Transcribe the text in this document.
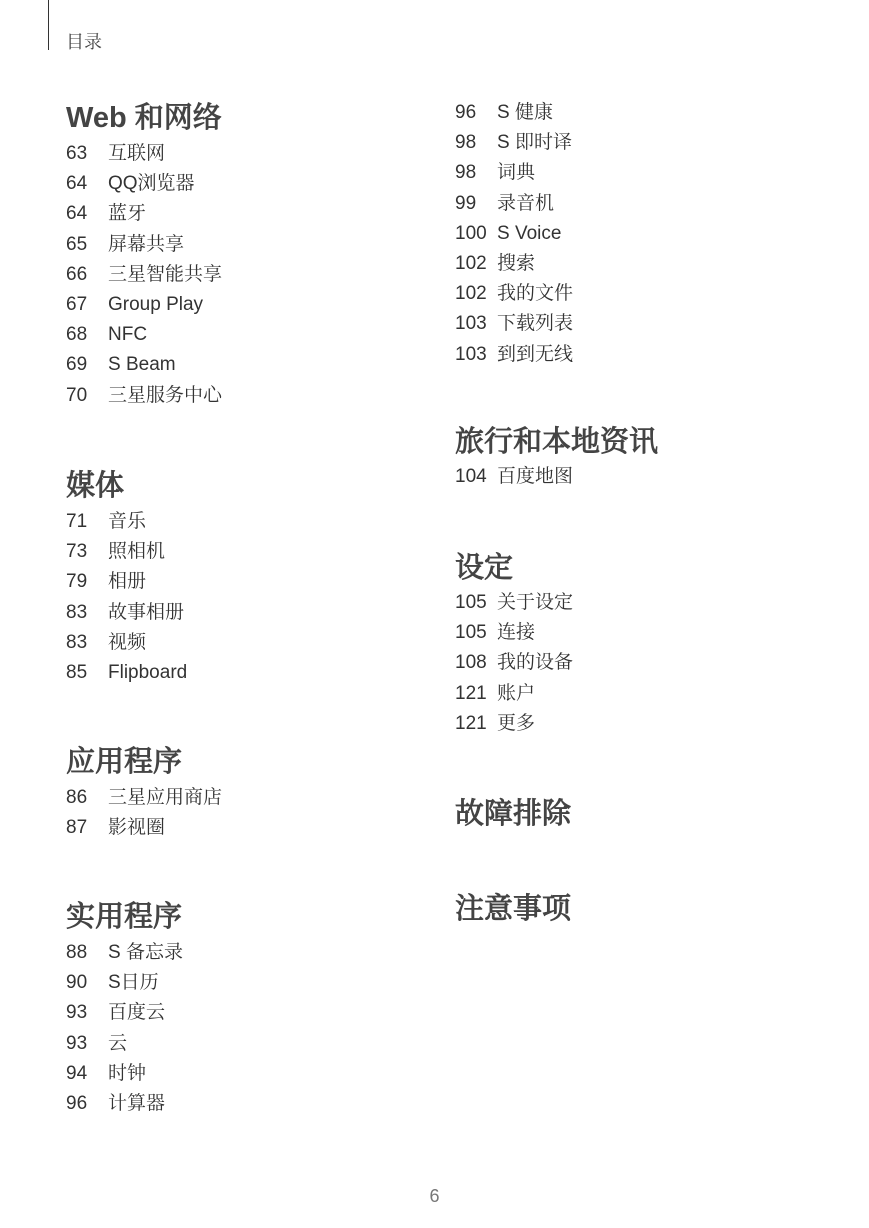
目录
Web 和网络
63	互联网
64	QQ浏览器
64	蓝牙
65	屏幕共享
66	三星智能共享
67	Group Play
68	NFC
69	S Beam
70	三星服务中心
媒体
71	音乐
73	照相机
79	相册
83	故事相册
83	视频
85	Flipboard
应用程序
86	三星应用商店
87	影视圈
实用程序
88	S 备忘录
90	S日历
93	百度云
93	云
94	时钟
96	计算器
96	S 健康
98	S 即时译
98	词典
99	录音机
100 S Voice
102 搜索
102 我的文件
103 下载列表
103 到到无线
旅行和本地资讯
104 百度地图
设定
105 关于设定
105 连接
108 我的设备
121 账户
121 更多
故障排除
注意事项
6
